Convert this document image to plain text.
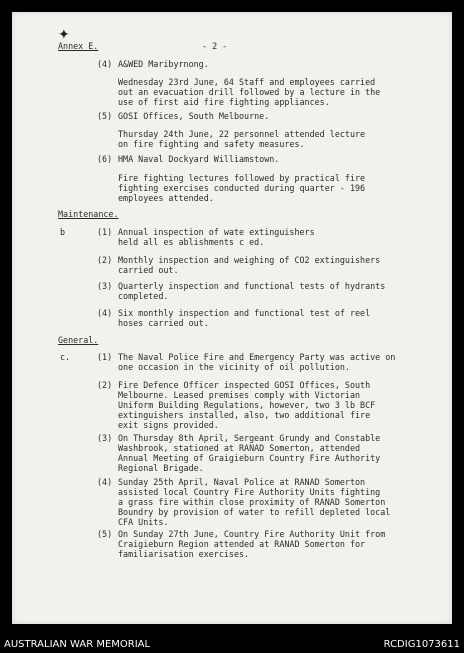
✦
Annex E.	- 2 -
(4) A&WED Maribyrnong.
Wednesday 23rd June, 64 Staff and employees carried
out an evacuation drill followed by a lecture in the
use of first aid fire fighting appliances.
(5) GOSI Offices, South Melbourne.
Thursday 24th June, 22 personnel attended lecture
on fire fighting and safety measures.
(6) HMA Naval Dockyard Williamstown.
Fire fighting lectures followed by practical fire
fighting exercises conducted during quarter - 196
employees attended.
Maintenance.
b	(1) Annual inspection of wate extinguishers
held all es ablishments c ed.
(2) Monthly inspection and weighing of CO2 extinguishers
carried out.
(3) Quarterly inspection and functional tests of hydrants
completed.
(4) Six monthly inspection and functional test of reel
hoses carried out.
General.
c.	(1) The Naval Police Fire and Emergency Party was active on
one occasion in the vicinity of oil pollution.
(2) Fire Defence Officer inspected GOSI Offices, South
Melbourne. Leased premises comply with Victorian
Uniform Building Regulations, however, two 3 lb BCF
extinguishers installed, also, two additional fire
exit signs provided.
(3) On Thursday 8th April, Sergeant Grundy and Constable
Washbrook, stationed at RANAD Somerton, attended
Annual Meeting of Graigieburn Country Fire Authority
Regional Brigade.
(4) Sunday 25th April, Naval Police at RANAD Somerton
assisted local Country Fire Authority Units fighting
a grass fire within close proximity of RANAD Somerton
Boundry by provision of water to refill depleted local
CFA Units.
(5) On Sunday 27th June, Country Fire Authority Unit from
Craigieburn Region attended at RANAD Somerton for
familiarisation exercises.
AUSTRALIAN WAR MEMORIAL	RCDIG1073611
